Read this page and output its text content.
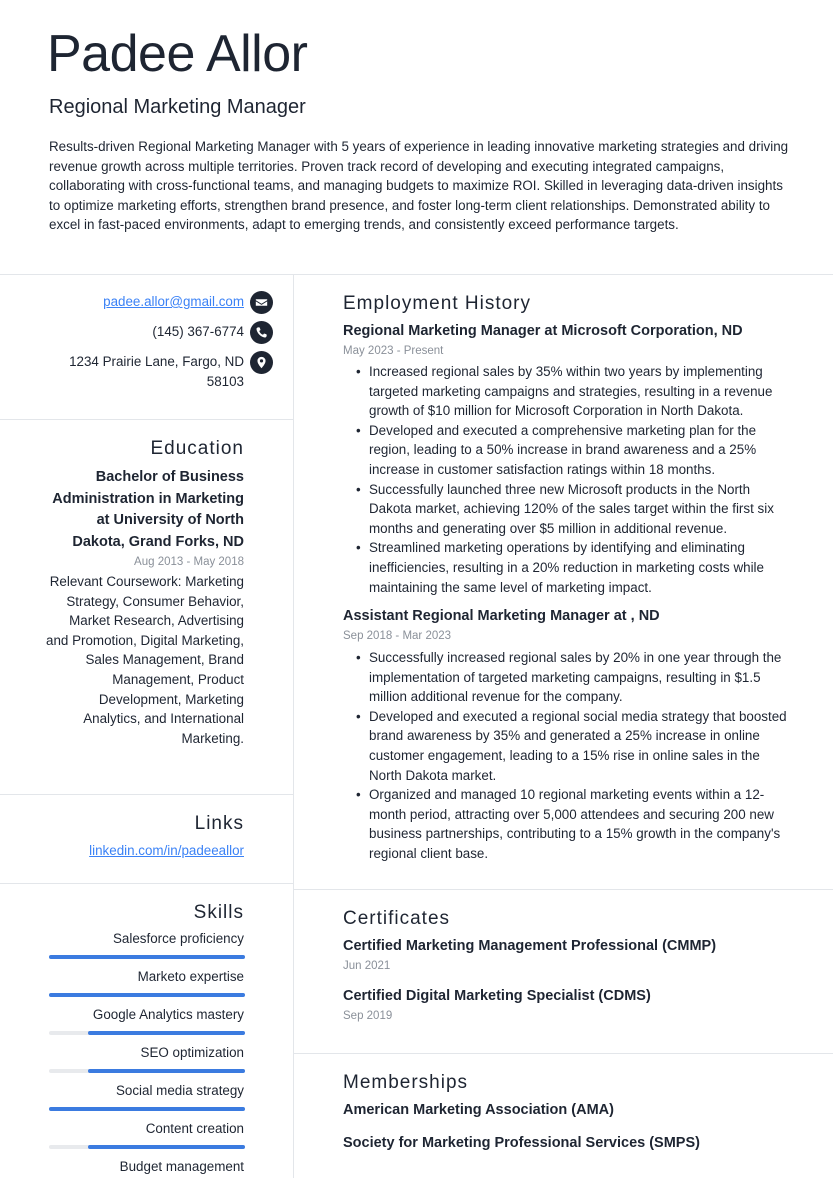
Padee Allor
Regional Marketing Manager
Results-driven Regional Marketing Manager with 5 years of experience in leading innovative marketing strategies and driving revenue growth across multiple territories. Proven track record of developing and executing integrated campaigns, collaborating with cross-functional teams, and managing budgets to maximize ROI. Skilled in leveraging data-driven insights to optimize marketing efforts, strengthen brand presence, and foster long-term client relationships. Demonstrated ability to excel in fast-paced environments, adapt to emerging trends, and consistently exceed performance targets.
padee.allor@gmail.com
(145) 367-6774
1234 Prairie Lane, Fargo, ND 58103
Education
Bachelor of Business Administration in Marketing at University of North Dakota, Grand Forks, ND
Aug 2013 - May 2018
Relevant Coursework: Marketing Strategy, Consumer Behavior, Market Research, Advertising and Promotion, Digital Marketing, Sales Management, Brand Management, Product Development, Marketing Analytics, and International Marketing.
Links
linkedin.com/in/padeeallor
Skills
Salesforce proficiency
Marketo expertise
Google Analytics mastery
SEO optimization
Social media strategy
Content creation
Budget management
Employment History
Regional Marketing Manager at Microsoft Corporation, ND
May 2023 - Present
• Increased regional sales by 35% within two years by implementing targeted marketing campaigns and strategies, resulting in a revenue growth of $10 million for Microsoft Corporation in North Dakota.
• Developed and executed a comprehensive marketing plan for the region, leading to a 50% increase in brand awareness and a 25% increase in customer satisfaction ratings within 18 months.
• Successfully launched three new Microsoft products in the North Dakota market, achieving 120% of the sales target within the first six months and generating over $5 million in additional revenue.
• Streamlined marketing operations by identifying and eliminating inefficiencies, resulting in a 20% reduction in marketing costs while maintaining the same level of marketing impact.
Assistant Regional Marketing Manager at , ND
Sep 2018 - Mar 2023
• Successfully increased regional sales by 20% in one year through the implementation of targeted marketing campaigns, resulting in $1.5 million additional revenue for the company.
• Developed and executed a regional social media strategy that boosted brand awareness by 35% and generated a 25% increase in online customer engagement, leading to a 15% rise in online sales in the North Dakota market.
• Organized and managed 10 regional marketing events within a 12-month period, attracting over 5,000 attendees and securing 200 new business partnerships, contributing to a 15% growth in the company's regional client base.
Certificates
Certified Marketing Management Professional (CMMP)
Jun 2021
Certified Digital Marketing Specialist (CDMS)
Sep 2019
Memberships
American Marketing Association (AMA)
Society for Marketing Professional Services (SMPS)
